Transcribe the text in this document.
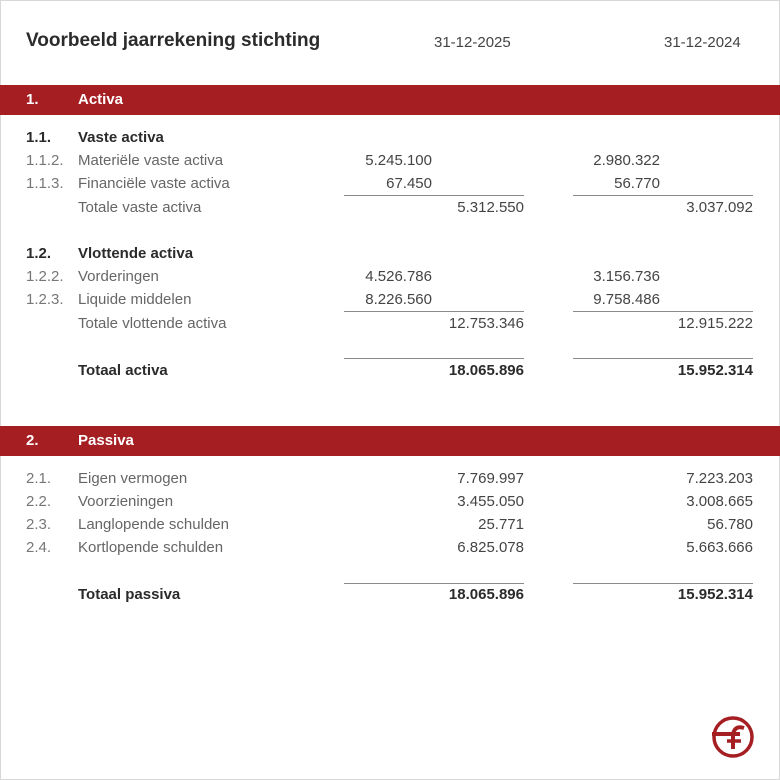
Voorbeeld jaarrekening stichting	31-12-2025	31-12-2024
1.	Activa
1.1. Vaste activa
1.1.2. Materiële vaste activa	5.245.100	2.980.322
1.1.3. Financiële vaste activa	67.450	56.770
Totale vaste activa	5.312.550	3.037.092
1.2. Vlottende activa
1.2.2. Vorderingen	4.526.786	3.156.736
1.2.3. Liquide middelen	8.226.560	9.758.486
Totale vlottende activa	12.753.346	12.915.222
Totaal activa	18.065.896	15.952.314
2.	Passiva
2.1. Eigen vermogen	7.769.997	7.223.203
2.2. Voorzieningen	3.455.050	3.008.665
2.3. Langlopende schulden	25.771	56.780
2.4. Kortlopende schulden	6.825.078	5.663.666
Totaal passiva	18.065.896	15.952.314
